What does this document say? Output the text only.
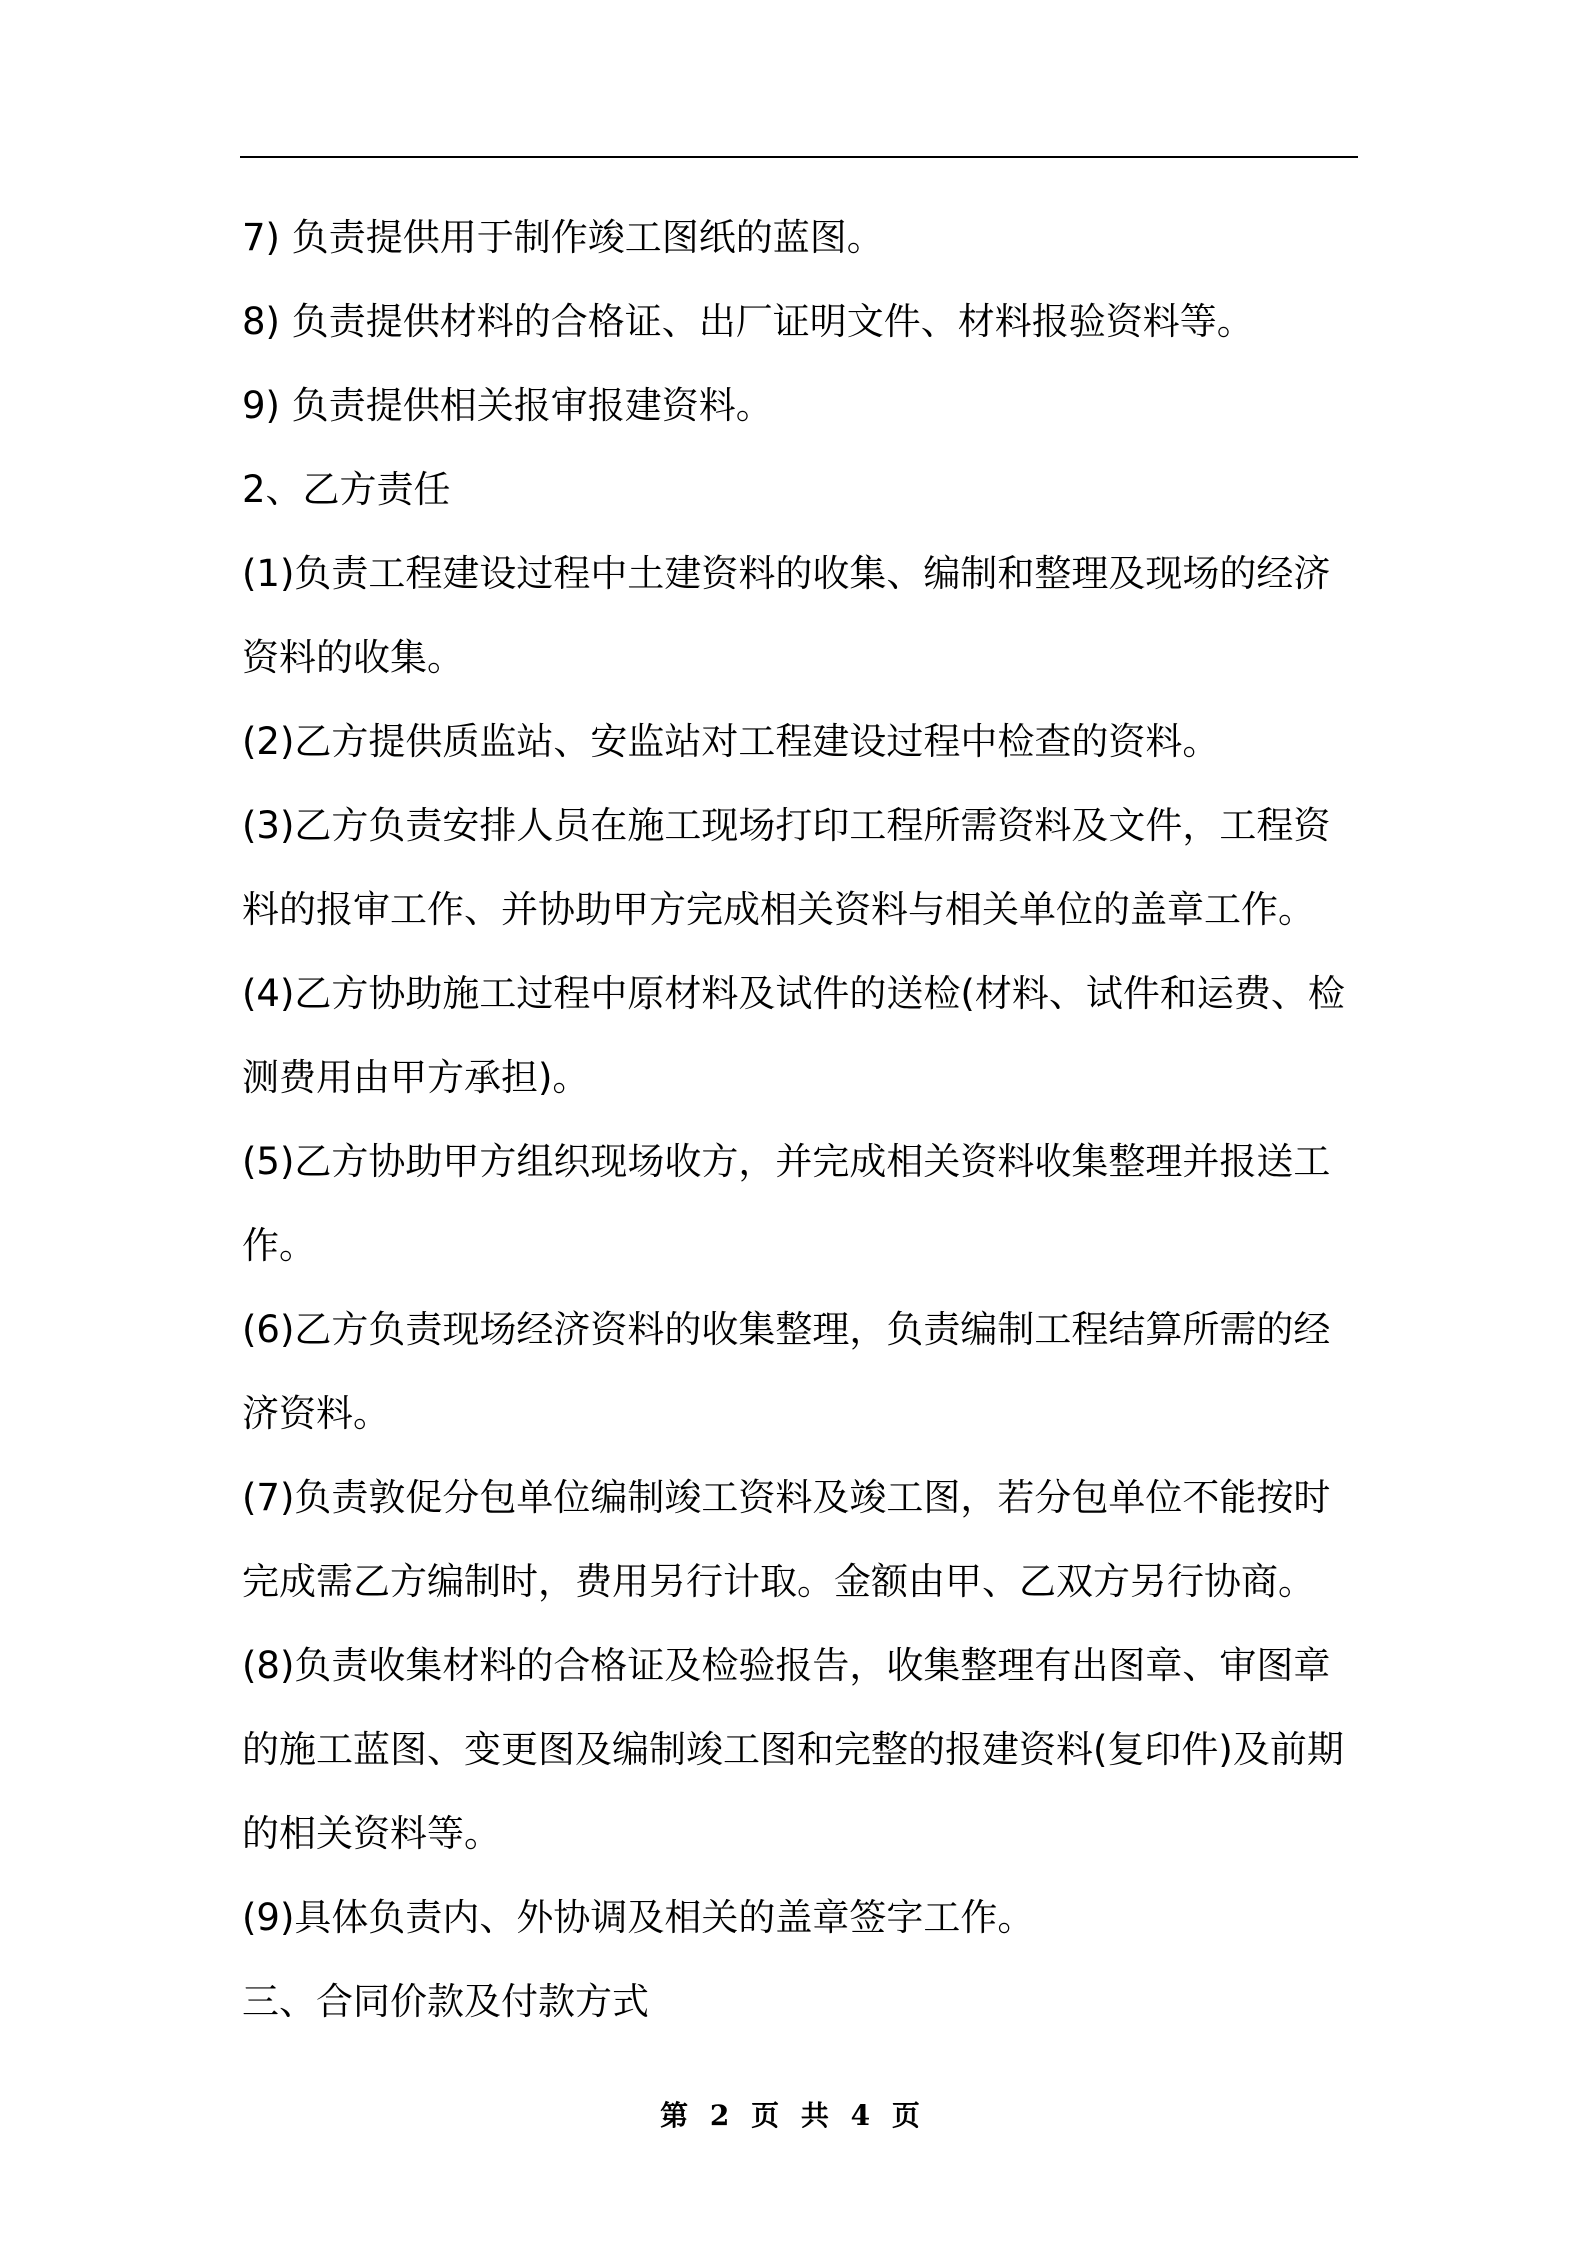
7) 负责提供用于制作竣工图纸的蓝图。

8) 负责提供材料的合格证、出厂证明文件、材料报验资料等。

9) 负责提供相关报审报建资料。

2、乙方责任

(1)负责工程建设过程中土建资料的收集、编制和整理及现场的经济资料的收集。

(2)乙方提供质监站、安监站对工程建设过程中检查的资料。

(3)乙方负责安排人员在施工现场打印工程所需资料及文件，工程资料的报审工作、并协助甲方完成相关资料与相关单位的盖章工作。

(4)乙方协助施工过程中原材料及试件的送检(材料、试件和运费、检测费用由甲方承担)。

(5)乙方协助甲方组织现场收方，并完成相关资料收集整理并报送工作。

(6)乙方负责现场经济资料的收集整理，负责编制工程结算所需的经济资料。

(7)负责敦促分包单位编制竣工资料及竣工图，若分包单位不能按时完成需乙方编制时，费用另行计取。金额由甲、乙双方另行协商。

(8)负责收集材料的合格证及检验报告，收集整理有出图章、审图章的施工蓝图、变更图及编制竣工图和完整的报建资料(复印件)及前期的相关资料等。

(9)具体负责内、外协调及相关的盖章签字工作。

三、合同价款及付款方式

第 2 页 共 4 页
